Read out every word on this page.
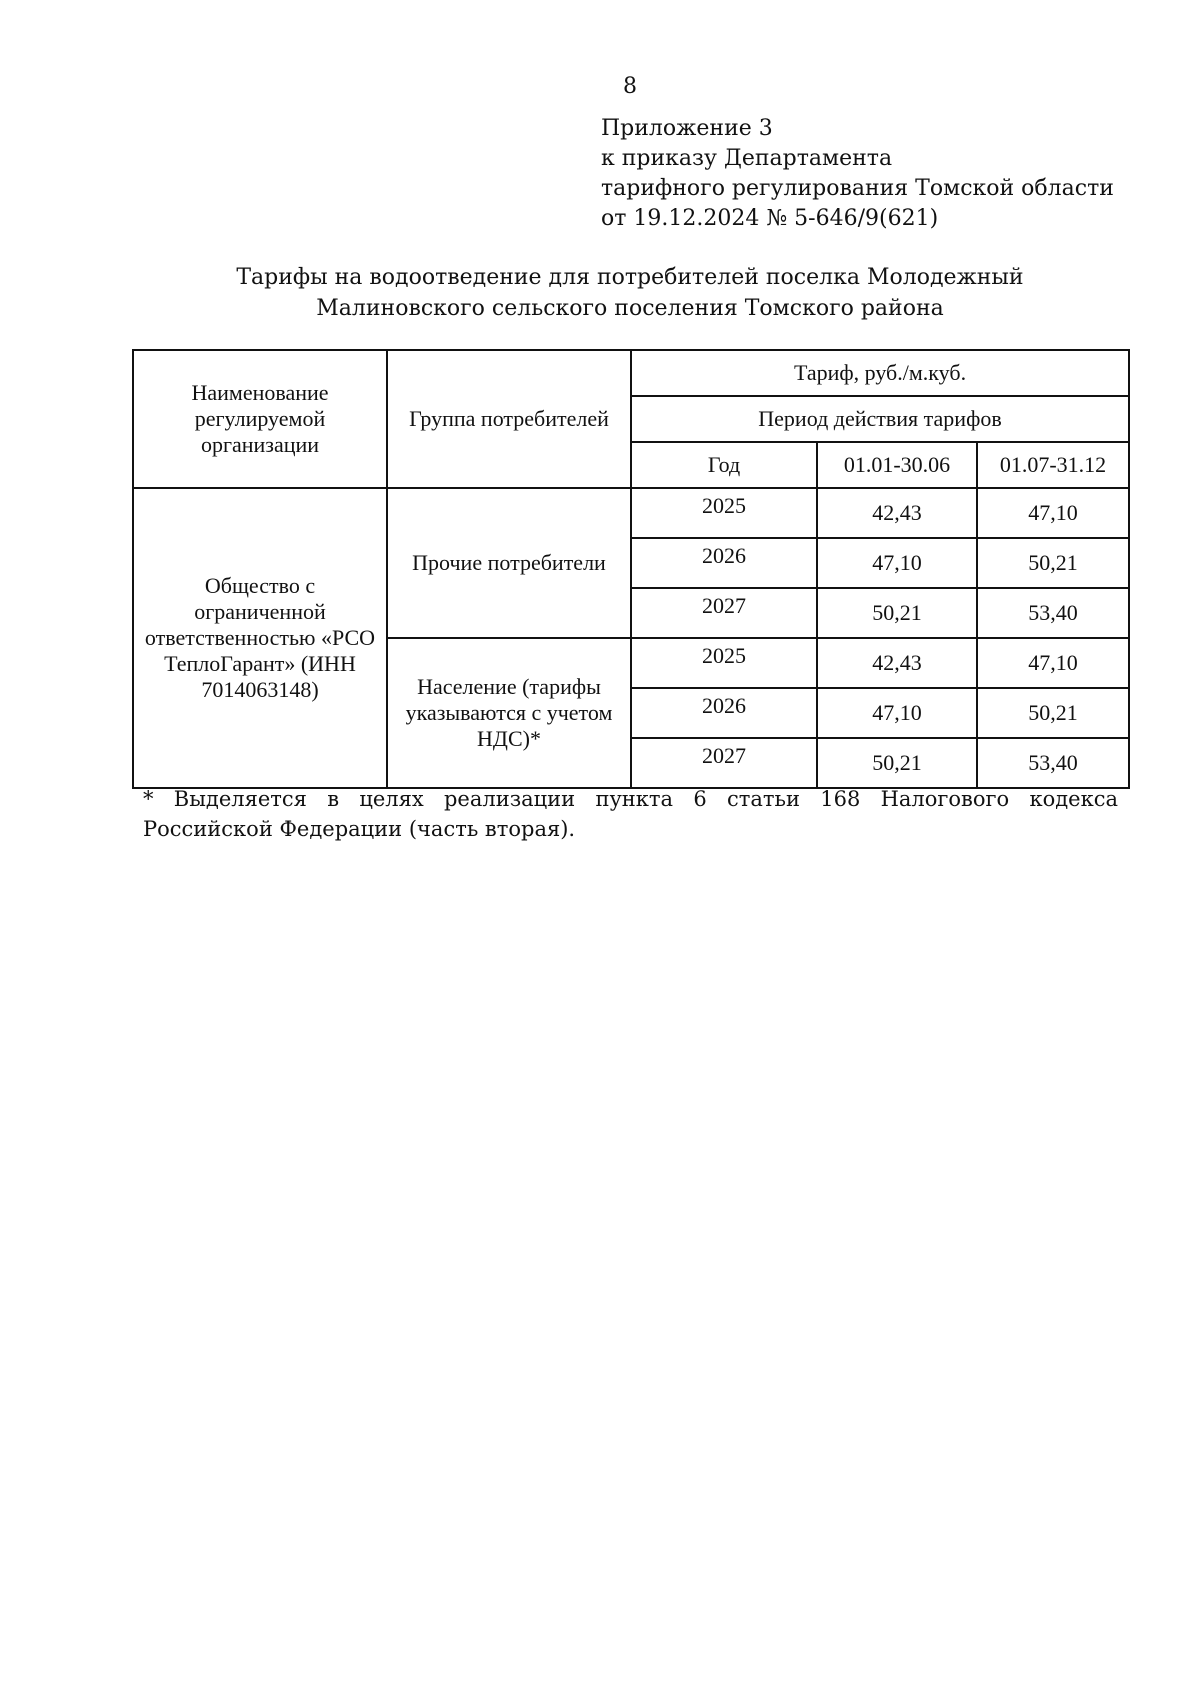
8
Приложение 3
к приказу Департамента
тарифного регулирования Томской области
от 19.12.2024 № 5-646/9(621)
Тарифы на водоотведение для потребителей поселка Молодежный
Малиновского сельского поселения Томского района
Наименование регулируемой организации	Группа потребителей	Тариф, руб./м.куб.		
		Период действия тарифов		
		Год	01.01-30.06	01.07-31.12
Общество с ограниченной ответственностью «РСО ТеплоГарант» (ИНН 7014063148)	Прочие потребители	2025	42,43	47,10
		2026	47,10	50,21
		2027	50,21	53,40
	Население (тарифы указываются с учетом НДС)*	2025	42,43	47,10
		2026	47,10	50,21
		2027	50,21	53,40
* Выделяется в целях реализации пункта 6 статьи 168 Налогового кодекса Российской Федерации (часть вторая).
